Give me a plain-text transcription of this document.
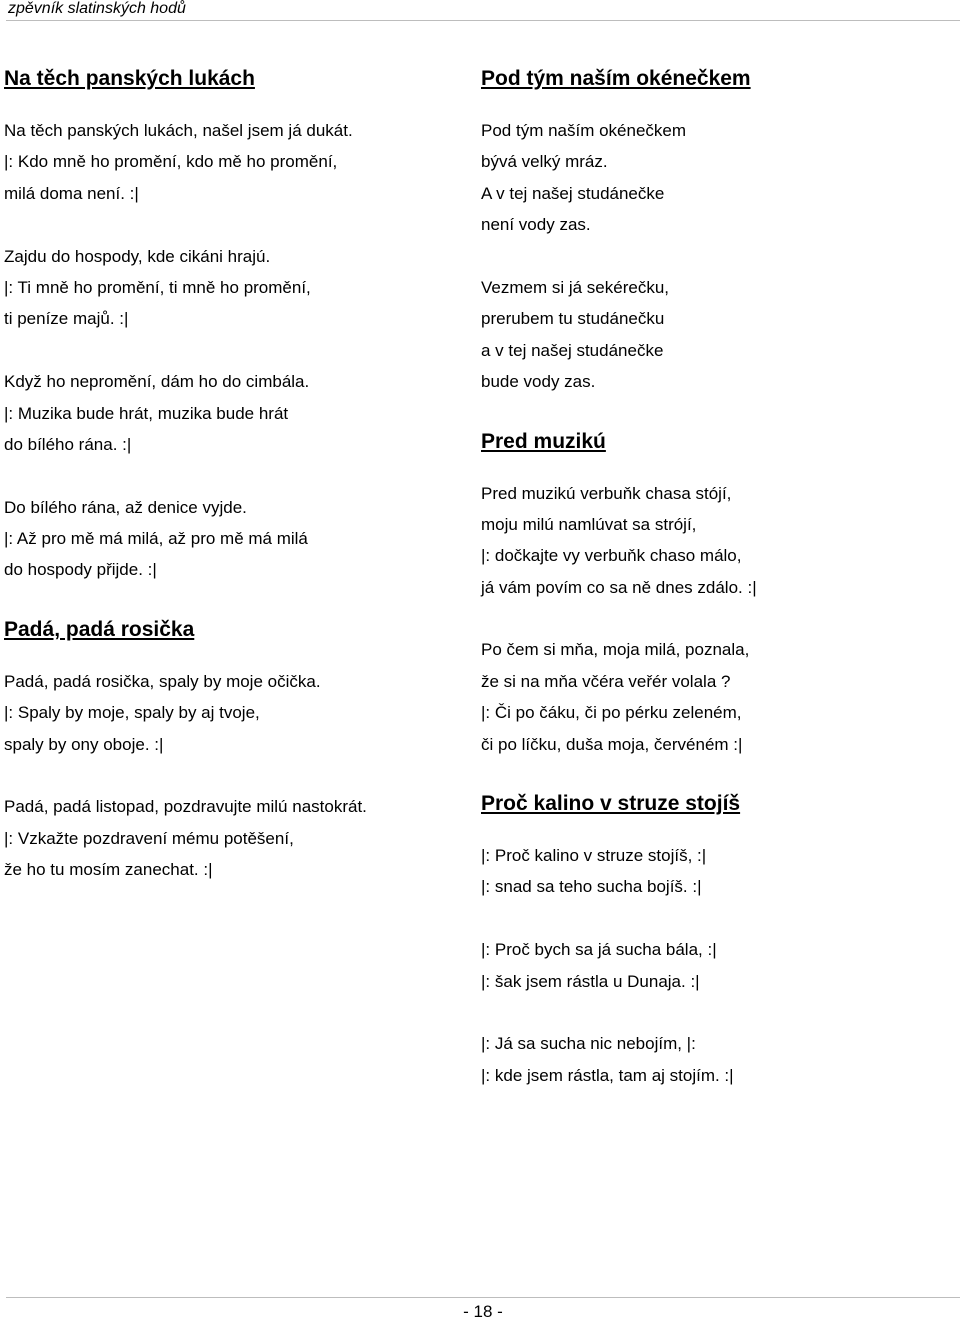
zpěvník slatinských hodů
Na těch panských lukách
Na těch panských lukách, našel jsem já dukát.
|: Kdo mně ho promění, kdo mě ho promění,
milá doma není. :|
Zajdu do hospody, kde cikáni hrajú.
|: Ti mně ho promění, ti mně ho promění,
ti peníze majů. :|
Když ho nepromění, dám ho do cimbála.
|: Muzika bude hrát, muzika bude hrát
do bílého rána. :|
Do bílého rána, až denice vyjde.
|: Až pro mě má milá, až pro mě má milá
do hospody přijde. :|
Padá, padá rosička
Padá, padá rosička, spaly by moje očička.
|: Spaly by moje, spaly by aj tvoje,
spaly by ony oboje. :|
Padá, padá listopad, pozdravujte milú nastokrát.
|: Vzkažte pozdravení mému potěšení,
že ho tu mosím zanechat. :|
Pod tým naším okénečkem
Pod tým naším okénečkem
bývá velký mráz.
A v tej našej studánečke
není vody zas.
Vezmem si já sekérečku,
prerubem tu studánečku
a v tej našej studánečke
bude vody zas.
Pred muzikú
Pred muzikú verbuňk chasa stójí,
moju milú namlúvat sa strójí,
|: dočkajte vy verbuňk chaso málo,
já vám povím co sa ně dnes zdálo. :|
Po čem si mňa, moja milá, poznala,
že si na mňa včéra veřér volala ?
|: Či po čáku, či po pérku zeleném,
či po líčku, duša moja, červéném :|
Proč kalino v struze stojíš
|: Proč kalino v struze stojíš, :|
|: snad sa teho sucha bojíš. :|
|: Proč bych sa já sucha bála, :|
|: šak jsem rástla u Dunaja. :|
|: Já sa sucha nic nebojím, |:
|: kde jsem rástla, tam aj stojím. :|
- 18 -
